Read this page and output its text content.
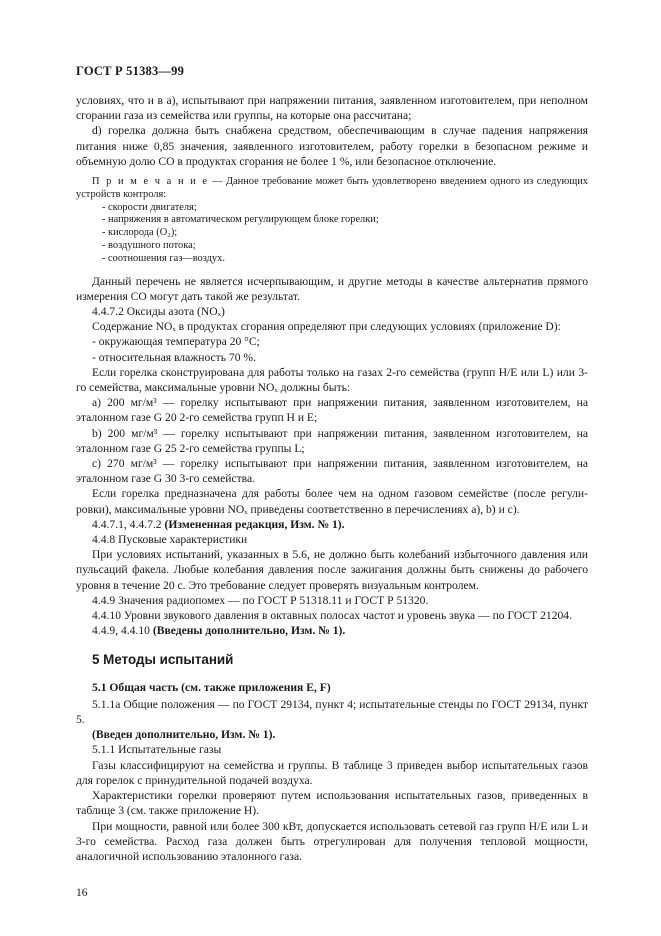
ГОСТ Р 51383—99

условиях, что и в а), испытывают при напряжении питания, заявленном изготовителем, при неполном сгорании газа из семейства или группы, на которые она рассчитана;

d) горелка должна быть снабжена средством, обеспечивающим в случае падения напряжения питания ниже 0,85 значения, заявленного изготовителем, работу горелки в безопасном режиме и объемную долю CO в продуктах сгорания не более 1 %, или безопасное отключение.

П р и м е ч а н и е — Данное требование может быть удовлетворено введением одного из следующих устройств контроля:

- скорости двигателя;
- напряжения в автоматическом регулирующем блоке горелки;
- кислорода (O₂);
- воздушного потока;
- соотношения газ—воздух.

Данный перечень не является исчерпывающим, и другие методы в качестве альтернатив прямого измерения CO могут дать такой же результат.

4.4.7.2 Оксиды азота (NOₓ)

Содержание NOₓ в продуктах сгорания определяют при следующих условиях (приложение D):

- окружающая температура 20 °C;

- относительная влажность 70 %.

Если горелка сконструирована для работы только на газах 2-го семейства (групп H/E или L) или 3-го семейства, максимальные уровни NOₓ должны быть:

a) 200 мг/м³ — горелку испытывают при напряжении питания, заявленном изготовителем, на эталонном газе G 20 2-го семейства групп H и E;

b) 200 мг/м³ — горелку испытывают при напряжении питания, заявленном изготовителем, на эталонном газе G 25 2-го семейства группы L;

c) 270 мг/м³ — горелку испытывают при напряжении питания, заявленном изготовителем, на эталонном газе G 30 3-го семейства.

Если горелка предназначена для работы более чем на одном газовом семействе (после регулировки), максимальные уровни NOₓ приведены соответственно в перечислениях a), b) и c).

4.4.7.1, 4.4.7.2 (Измененная редакция, Изм. № 1).

4.4.8 Пусковые характеристики

При условиях испытаний, указанных в 5.6, не должно быть колебаний избыточного давления или пульсаций факела. Любые колебания давления после зажигания должны быть снижены до рабочего уровня в течение 20 с. Это требование следует проверять визуальным контролем.

4.4.9 Значения радиопомех — по ГОСТ Р 51318.11 и ГОСТ Р 51320.

4.4.10 Уровни звукового давления в октавных полосах частот и уровень звука — по ГОСТ 21204.

4.4.9, 4.4.10 (Введены дополнительно, Изм. № 1).

5 Методы испытаний

5.1 Общая часть (см. также приложения E, F)

5.1.1a Общие положения — по ГОСТ 29134, пункт 4; испытательные стенды по ГОСТ 29134, пункт 5.

(Введен дополнительно, Изм. № 1).

5.1.1 Испытательные газы

Газы классифицируют на семейства и группы. В таблице 3 приведен выбор испытательных газов для горелок с принудительной подачей воздуха.

Характеристики горелки проверяют путем использования испытательных газов, приведенных в таблице 3 (см. также приложение H).

При мощности, равной или более 300 кВт, допускается использовать сетевой газ групп H/E или L и 3-го семейства. Расход газа должен быть отрегулирован для получения тепловой мощности, аналогичной использованию эталонного газа.

16
